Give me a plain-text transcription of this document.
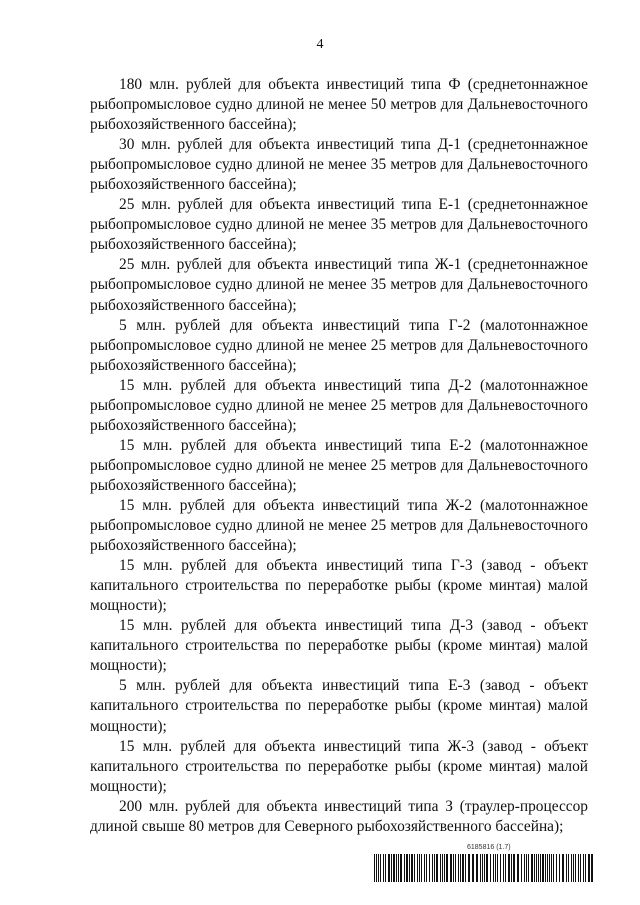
4

180 млн. рублей для объекта инвестиций типа Ф (среднетоннажное рыбопромысловое судно длиной не менее 50 метров для Дальневосточного рыбохозяйственного бассейна);

30 млн. рублей для объекта инвестиций типа Д-1 (среднетоннажное рыбопромысловое судно длиной не менее 35 метров для Дальневосточного рыбохозяйственного бассейна);

25 млн. рублей для объекта инвестиций типа Е-1 (среднетоннажное рыбопромысловое судно длиной не менее 35 метров для Дальневосточного рыбохозяйственного бассейна);

25 млн. рублей для объекта инвестиций типа Ж-1 (среднетоннажное рыбопромысловое судно длиной не менее 35 метров для Дальневосточного рыбохозяйственного бассейна);

5 млн. рублей для объекта инвестиций типа Г-2 (малотоннажное рыбопромысловое судно длиной не менее 25 метров для Дальневосточного рыбохозяйственного бассейна);

15 млн. рублей для объекта инвестиций типа Д-2 (малотоннажное рыбопромысловое судно длиной не менее 25 метров для Дальневосточного рыбохозяйственного бассейна);

15 млн. рублей для объекта инвестиций типа Е-2 (малотоннажное рыбопромысловое судно длиной не менее 25 метров для Дальневосточного рыбохозяйственного бассейна);

15 млн. рублей для объекта инвестиций типа Ж-2 (малотоннажное рыбопромысловое судно длиной не менее 25 метров для Дальневосточного рыбохозяйственного бассейна);

15 млн. рублей для объекта инвестиций типа Г-3 (завод - объект капитального строительства по переработке рыбы (кроме минтая) малой мощности);

15 млн. рублей для объекта инвестиций типа Д-3 (завод - объект капитального строительства по переработке рыбы (кроме минтая) малой мощности);

5 млн. рублей для объекта инвестиций типа Е-3 (завод - объект капитального строительства по переработке рыбы (кроме минтая) малой мощности);

15 млн. рублей для объекта инвестиций типа Ж-3 (завод - объект капитального строительства по переработке рыбы (кроме минтая) малой мощности);

200 млн. рублей для объекта инвестиций типа З (траулер-процессор длиной свыше 80 метров для Северного рыбохозяйственного бассейна);

6185816 (1.7)
